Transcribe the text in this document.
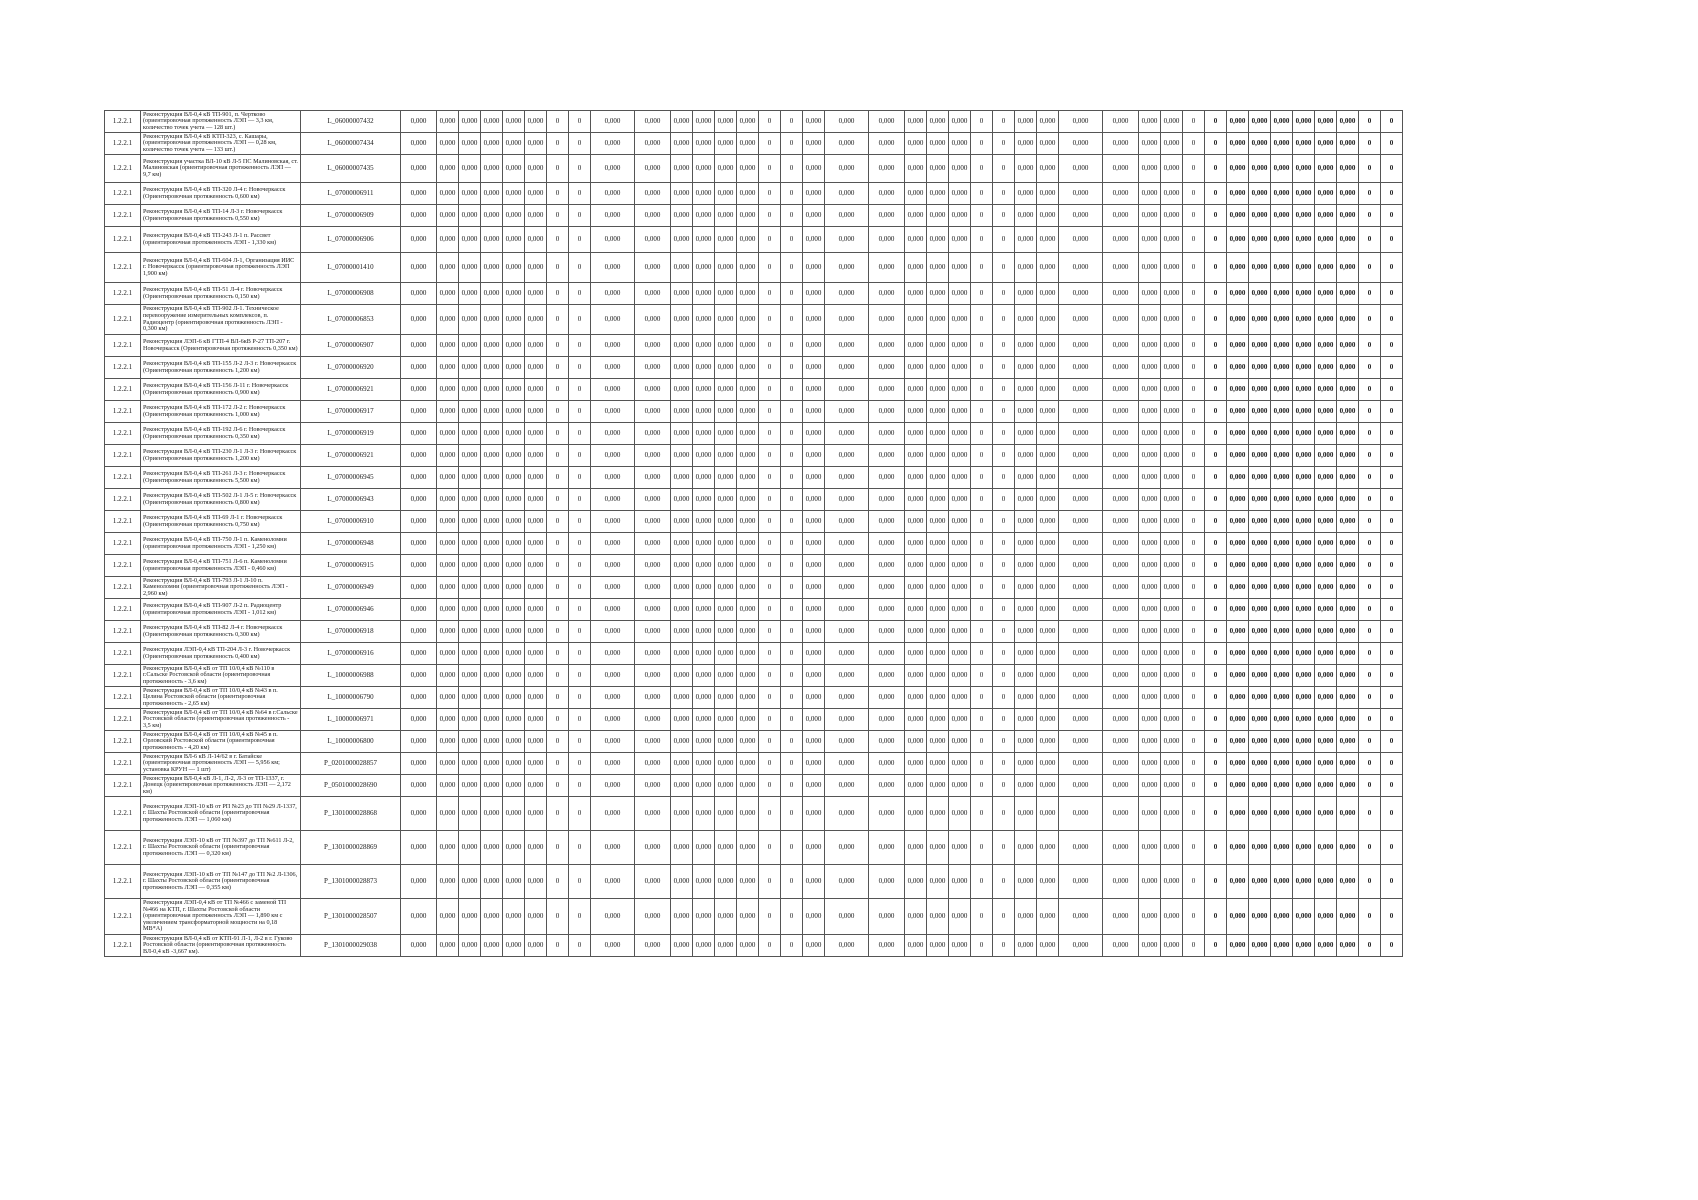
1.2.2.1	Реконструкция ВЛ-0,4 кВ ТП-901, п. Чертково (ориентировочная протяженность ЛЭП — 3,3 км, количество точек учета — 128 шт.)	L_06000007432	0,000	0,000	0,000	0,000	0,000	0,000	0	0	0,000	0,000	0,000	0,000	0,000	0,000	0	0	0,000	0,000	0,000	0,000	0,000	0,000	0	0	0,000	0,000	0,000	0,000	0,000	0,000	0	0	0,000	0,000	0,000	0,000	0,000	0,000	0	0
1.2.2.1	Реконструкция ВЛ-0,4 кВ КТП-323, с. Кашары, (ориентировочная протяженность ЛЭП — 0,28 км, количество точек учета — 133 шт.)	L_06000007434	0,000	0,000	0,000	0,000	0,000	0,000	0	0	0,000	0,000	0,000	0,000	0,000	0,000	0	0	0,000	0,000	0,000	0,000	0,000	0,000	0	0	0,000	0,000	0,000	0,000	0,000	0,000	0	0	0,000	0,000	0,000	0,000	0,000	0,000	0	0
1.2.2.1	Реконструкция участка ВЛ-10 кВ Л-5 ПС Малиновская, ст. Малиновская (ориентировочная протяженность ЛЭП — 9,7 км)	L_06000007435	0,000	0,000	0,000	0,000	0,000	0,000	0	0	0,000	0,000	0,000	0,000	0,000	0,000	0	0	0,000	0,000	0,000	0,000	0,000	0,000	0	0	0,000	0,000	0,000	0,000	0,000	0,000	0	0	0,000	0,000	0,000	0,000	0,000	0,000	0	0
1.2.2.1	Реконструкция ВЛ-0,4 кВ ТП-320 Л-4 г. Новочеркасск (Ориентировочная протяженность 0,600 км)	L_07000006911	0,000	0,000	0,000	0,000	0,000	0,000	0	0	0,000	0,000	0,000	0,000	0,000	0,000	0	0	0,000	0,000	0,000	0,000	0,000	0,000	0	0	0,000	0,000	0,000	0,000	0,000	0,000	0	0	0,000	0,000	0,000	0,000	0,000	0,000	0	0
1.2.2.1	Реконструкция ВЛ-0,4 кВ ТП-14 Л-3 г. Новочеркасск (Ориентировочная протяженность 0,550 км)	L_07000006909	0,000	0,000	0,000	0,000	0,000	0,000	0	0	0,000	0,000	0,000	0,000	0,000	0,000	0	0	0,000	0,000	0,000	0,000	0,000	0,000	0	0	0,000	0,000	0,000	0,000	0,000	0,000	0	0	0,000	0,000	0,000	0,000	0,000	0,000	0	0
1.2.2.1	Реконструкция ВЛ-0,4 кВ ТП-243 Л-1 п. Рассвет (ориентировочная протяженность ЛЭП - 1,330 км)	L_07000006906	0,000	0,000	0,000	0,000	0,000	0,000	0	0	0,000	0,000	0,000	0,000	0,000	0,000	0	0	0,000	0,000	0,000	0,000	0,000	0,000	0	0	0,000	0,000	0,000	0,000	0,000	0,000	0	0	0,000	0,000	0,000	0,000	0,000	0,000	0	0
1.2.2.1	Реконструкция ВЛ-0,4 кВ ТП-604 Л-1, Организация ИИС г. Новочеркасск (ориентировочная протяженность ЛЭП 1,900 км)	L_07000001410	0,000	0,000	0,000	0,000	0,000	0,000	0	0	0,000	0,000	0,000	0,000	0,000	0,000	0	0	0,000	0,000	0,000	0,000	0,000	0,000	0	0	0,000	0,000	0,000	0,000	0,000	0,000	0	0	0,000	0,000	0,000	0,000	0,000	0,000	0	0
1.2.2.1	Реконструкция ВЛ-0,4 кВ ТП-51 Л-4 г. Новочеркасск (Ориентировочная протяженность 0,150 км)	L_07000006908	0,000	0,000	0,000	0,000	0,000	0,000	0	0	0,000	0,000	0,000	0,000	0,000	0,000	0	0	0,000	0,000	0,000	0,000	0,000	0,000	0	0	0,000	0,000	0,000	0,000	0,000	0,000	0	0	0,000	0,000	0,000	0,000	0,000	0,000	0	0
1.2.2.1	Реконструкция ВЛ-0,4 кВ ТП-902 Л-1. Техническое перевооружение измерительных комплексов, п. Радиоцентр (ориентировочная протяженность ЛЭП - 0,300 км)	L_07000006853	0,000	0,000	0,000	0,000	0,000	0,000	0	0	0,000	0,000	0,000	0,000	0,000	0,000	0	0	0,000	0,000	0,000	0,000	0,000	0,000	0	0	0,000	0,000	0,000	0,000	0,000	0,000	0	0	0,000	0,000	0,000	0,000	0,000	0,000	0	0
1.2.2.1	Реконструкция ЛЭП-6 кВ ГТП-4 ВЛ-6кВ Р-27 ТП-207 г. Новочеркасск (Ориентировочная протяженность 0,350 км)	L_07000006907	0,000	0,000	0,000	0,000	0,000	0,000	0	0	0,000	0,000	0,000	0,000	0,000	0,000	0	0	0,000	0,000	0,000	0,000	0,000	0,000	0	0	0,000	0,000	0,000	0,000	0,000	0,000	0	0	0,000	0,000	0,000	0,000	0,000	0,000	0	0
1.2.2.1	Реконструкция ВЛ-0,4 кВ ТП-155 Л-2 Л-3 г. Новочеркасск (Ориентировочная протяженность 1,200 км)	L_07000006920	0,000	0,000	0,000	0,000	0,000	0,000	0	0	0,000	0,000	0,000	0,000	0,000	0,000	0	0	0,000	0,000	0,000	0,000	0,000	0,000	0	0	0,000	0,000	0,000	0,000	0,000	0,000	0	0	0,000	0,000	0,000	0,000	0,000	0,000	0	0
1.2.2.1	Реконструкция ВЛ-0,4 кВ ТП-156 Л-11 г. Новочеркасск (Ориентировочная протяженность 0,900 км)	L_07000006921	0,000	0,000	0,000	0,000	0,000	0,000	0	0	0,000	0,000	0,000	0,000	0,000	0,000	0	0	0,000	0,000	0,000	0,000	0,000	0,000	0	0	0,000	0,000	0,000	0,000	0,000	0,000	0	0	0,000	0,000	0,000	0,000	0,000	0,000	0	0
1.2.2.1	Реконструкция ВЛ-0,4 кВ ТП-172 Л-2 г. Новочеркасск (Ориентировочная протяженность 1,000 км)	L_07000006917	0,000	0,000	0,000	0,000	0,000	0,000	0	0	0,000	0,000	0,000	0,000	0,000	0,000	0	0	0,000	0,000	0,000	0,000	0,000	0,000	0	0	0,000	0,000	0,000	0,000	0,000	0,000	0	0	0,000	0,000	0,000	0,000	0,000	0,000	0	0
1.2.2.1	Реконструкция ВЛ-0,4 кВ ТП-192 Л-6 г. Новочеркасск (Ориентировочная протяженность 0,350 км)	L_07000006919	0,000	0,000	0,000	0,000	0,000	0,000	0	0	0,000	0,000	0,000	0,000	0,000	0,000	0	0	0,000	0,000	0,000	0,000	0,000	0,000	0	0	0,000	0,000	0,000	0,000	0,000	0,000	0	0	0,000	0,000	0,000	0,000	0,000	0,000	0	0
1.2.2.1	Реконструкция ВЛ-0,4 кВ ТП-230 Л-1 Л-3 г. Новочеркасск (Ориентировочная протяженность 1,200 км)	L_07000006921	0,000	0,000	0,000	0,000	0,000	0,000	0	0	0,000	0,000	0,000	0,000	0,000	0,000	0	0	0,000	0,000	0,000	0,000	0,000	0,000	0	0	0,000	0,000	0,000	0,000	0,000	0,000	0	0	0,000	0,000	0,000	0,000	0,000	0,000	0	0
1.2.2.1	Реконструкция ВЛ-0,4 кВ ТП-261 Л-3 г. Новочеркасск (Ориентировочная протяженность 5,500 км)	L_07000006945	0,000	0,000	0,000	0,000	0,000	0,000	0	0	0,000	0,000	0,000	0,000	0,000	0,000	0	0	0,000	0,000	0,000	0,000	0,000	0,000	0	0	0,000	0,000	0,000	0,000	0,000	0,000	0	0	0,000	0,000	0,000	0,000	0,000	0,000	0	0
1.2.2.1	Реконструкция ВЛ-0,4 кВ ТП-502 Л-1 Л-5 г. Новочеркасск (Ориентировочная протяженность 0,800 км)	L_07000006943	0,000	0,000	0,000	0,000	0,000	0,000	0	0	0,000	0,000	0,000	0,000	0,000	0,000	0	0	0,000	0,000	0,000	0,000	0,000	0,000	0	0	0,000	0,000	0,000	0,000	0,000	0,000	0	0	0,000	0,000	0,000	0,000	0,000	0,000	0	0
1.2.2.1	Реконструкция ВЛ-0,4 кВ ТП-69 Л-1 г. Новочеркасск (Ориентировочная протяженность 0,750 км)	L_07000006910	0,000	0,000	0,000	0,000	0,000	0,000	0	0	0,000	0,000	0,000	0,000	0,000	0,000	0	0	0,000	0,000	0,000	0,000	0,000	0,000	0	0	0,000	0,000	0,000	0,000	0,000	0,000	0	0	0,000	0,000	0,000	0,000	0,000	0,000	0	0
1.2.2.1	Реконструкция ВЛ-0,4 кВ ТП-750 Л-1 п. Каменоломни (ориентировочная протяженность ЛЭП - 1,250 км)	L_07000006948	0,000	0,000	0,000	0,000	0,000	0,000	0	0	0,000	0,000	0,000	0,000	0,000	0,000	0	0	0,000	0,000	0,000	0,000	0,000	0,000	0	0	0,000	0,000	0,000	0,000	0,000	0,000	0	0	0,000	0,000	0,000	0,000	0,000	0,000	0	0
1.2.2.1	Реконструкция ВЛ-0,4 кВ ТП-751 Л-6 п. Каменоломни (ориентировочная протяженность ЛЭП - 0,460 км)	L_07000006915	0,000	0,000	0,000	0,000	0,000	0,000	0	0	0,000	0,000	0,000	0,000	0,000	0,000	0	0	0,000	0,000	0,000	0,000	0,000	0,000	0	0	0,000	0,000	0,000	0,000	0,000	0,000	0	0	0,000	0,000	0,000	0,000	0,000	0,000	0	0
1.2.2.1	Реконструкция ВЛ-0,4 кВ ТП-793 Л-1 Л-10 п. Каменоломни (ориентировочная протяженность ЛЭП - 2,960 км)	L_07000006949	0,000	0,000	0,000	0,000	0,000	0,000	0	0	0,000	0,000	0,000	0,000	0,000	0,000	0	0	0,000	0,000	0,000	0,000	0,000	0,000	0	0	0,000	0,000	0,000	0,000	0,000	0,000	0	0	0,000	0,000	0,000	0,000	0,000	0,000	0	0
1.2.2.1	Реконструкция ВЛ-0,4 кВ ТП-907 Л-2 п. Радиоцентр (ориентировочная протяженность ЛЭП - 1,012 км)	L_07000006946	0,000	0,000	0,000	0,000	0,000	0,000	0	0	0,000	0,000	0,000	0,000	0,000	0,000	0	0	0,000	0,000	0,000	0,000	0,000	0,000	0	0	0,000	0,000	0,000	0,000	0,000	0,000	0	0	0,000	0,000	0,000	0,000	0,000	0,000	0	0
1.2.2.1	Реконструкция ВЛ-0,4 кВ ТП-82 Л-4 г. Новочеркасск (Ориентировочная протяженность 0,300 км)	L_07000006918	0,000	0,000	0,000	0,000	0,000	0,000	0	0	0,000	0,000	0,000	0,000	0,000	0,000	0	0	0,000	0,000	0,000	0,000	0,000	0,000	0	0	0,000	0,000	0,000	0,000	0,000	0,000	0	0	0,000	0,000	0,000	0,000	0,000	0,000	0	0
1.2.2.1	Реконструкция ЛЭП-0,4 кВ ТП-204 Л-3 г. Новочеркасск (Ориентировочная протяженность 0,400 км)	L_07000006916	0,000	0,000	0,000	0,000	0,000	0,000	0	0	0,000	0,000	0,000	0,000	0,000	0,000	0	0	0,000	0,000	0,000	0,000	0,000	0,000	0	0	0,000	0,000	0,000	0,000	0,000	0,000	0	0	0,000	0,000	0,000	0,000	0,000	0,000	0	0
1.2.2.1	Реконструкция ВЛ-0,4 кВ от ТП 10/0,4 кВ №110 в г.Сальске Ростовской области (ориентировочная протяженность - 3,6 км)	L_10000006988	0,000	0,000	0,000	0,000	0,000	0,000	0	0	0,000	0,000	0,000	0,000	0,000	0,000	0	0	0,000	0,000	0,000	0,000	0,000	0,000	0	0	0,000	0,000	0,000	0,000	0,000	0,000	0	0	0,000	0,000	0,000	0,000	0,000	0,000	0	0
1.2.2.1	Реконструкция ВЛ-0,4 кВ от ТП 10/0,4 кВ №43 в п. Целина Ростовской области (ориентировочная протяженность - 2,65 км)	L_10000006790	0,000	0,000	0,000	0,000	0,000	0,000	0	0	0,000	0,000	0,000	0,000	0,000	0,000	0	0	0,000	0,000	0,000	0,000	0,000	0,000	0	0	0,000	0,000	0,000	0,000	0,000	0,000	0	0	0,000	0,000	0,000	0,000	0,000	0,000	0	0
1.2.2.1	Реконструкция ВЛ-0,4 кВ от ТП 10/0,4 кВ №64 в г.Сальске Ростовской области (ориентировочная протяженность - 3,5 км)	L_10000006971	0,000	0,000	0,000	0,000	0,000	0,000	0	0	0,000	0,000	0,000	0,000	0,000	0,000	0	0	0,000	0,000	0,000	0,000	0,000	0,000	0	0	0,000	0,000	0,000	0,000	0,000	0,000	0	0	0,000	0,000	0,000	0,000	0,000	0,000	0	0
1.2.2.1	Реконструкция ВЛ-0,4 кВ от ТП 10/0,4 кВ №45 в п. Орловский Ростовской области (ориентировочная протяженность - 4,20 км)	L_10000006800	0,000	0,000	0,000	0,000	0,000	0,000	0	0	0,000	0,000	0,000	0,000	0,000	0,000	0	0	0,000	0,000	0,000	0,000	0,000	0,000	0	0	0,000	0,000	0,000	0,000	0,000	0,000	0	0	0,000	0,000	0,000	0,000	0,000	0,000	0	0
1.2.2.1	Реконструкция ВЛ-6 кВ Л-14/62 в г. Батайске (ориентировочная протяженность ЛЭП — 5,956 км; установка КРУН — 1 шт)	P_0201000028857	0,000	0,000	0,000	0,000	0,000	0,000	0	0	0,000	0,000	0,000	0,000	0,000	0,000	0	0	0,000	0,000	0,000	0,000	0,000	0,000	0	0	0,000	0,000	0,000	0,000	0,000	0,000	0	0	0,000	0,000	0,000	0,000	0,000	0,000	0	0
1.2.2.1	Реконструкция ВЛ-0,4 кВ Л-1, Л-2, Л-3 от ТП-1337, г. Донецк (ориентировочная протяженность ЛЭП — 2,172 км)	P_0501000028690	0,000	0,000	0,000	0,000	0,000	0,000	0	0	0,000	0,000	0,000	0,000	0,000	0,000	0	0	0,000	0,000	0,000	0,000	0,000	0,000	0	0	0,000	0,000	0,000	0,000	0,000	0,000	0	0	0,000	0,000	0,000	0,000	0,000	0,000	0	0
1.2.2.1	Реконструкция ЛЭП-10 кВ от РП №23 до ТП №29 Л-1337, г. Шахты Ростовской области (ориентировочная протяженность ЛЭП — 1,060 км)	P_1301000028868	0,000	0,000	0,000	0,000	0,000	0,000	0	0	0,000	0,000	0,000	0,000	0,000	0,000	0	0	0,000	0,000	0,000	0,000	0,000	0,000	0	0	0,000	0,000	0,000	0,000	0,000	0,000	0	0	0,000	0,000	0,000	0,000	0,000	0,000	0	0
1.2.2.1	Реконструкция ЛЭП-10 кВ от ТП №397 до ТП №611 Л-2, г. Шахты Ростовской области (ориентировочная протяженность ЛЭП — 0,320 км)	P_1301000028869	0,000	0,000	0,000	0,000	0,000	0,000	0	0	0,000	0,000	0,000	0,000	0,000	0,000	0	0	0,000	0,000	0,000	0,000	0,000	0,000	0	0	0,000	0,000	0,000	0,000	0,000	0,000	0	0	0,000	0,000	0,000	0,000	0,000	0,000	0	0
1.2.2.1	Реконструкция ЛЭП-10 кВ от ТП №147 до ТП №2 Л-1306, г. Шахты Ростовской области (ориентировочная протяженность ЛЭП — 0,355 км)	P_1301000028873	0,000	0,000	0,000	0,000	0,000	0,000	0	0	0,000	0,000	0,000	0,000	0,000	0,000	0	0	0,000	0,000	0,000	0,000	0,000	0,000	0	0	0,000	0,000	0,000	0,000	0,000	0,000	0	0	0,000	0,000	0,000	0,000	0,000	0,000	0	0
1.2.2.1	Реконструкция ЛЭП-0,4 кВ от ТП №466 с заменой ТП №466 на КТП, г. Шахты Ростовской области (ориентировочная протяженность ЛЭП — 1,890 км с увеличением трансформаторной мощности на 0,18 МВ*А)	P_1301000028507	0,000	0,000	0,000	0,000	0,000	0,000	0	0	0,000	0,000	0,000	0,000	0,000	0,000	0	0	0,000	0,000	0,000	0,000	0,000	0,000	0	0	0,000	0,000	0,000	0,000	0,000	0,000	0	0	0,000	0,000	0,000	0,000	0,000	0,000	0	0
1.2.2.1	Реконструкция ВЛ-0,4 кВ от КТП-91 Л-1, Л-2 в г. Гуково Ростовской области (ориентировочная протяженность ВЛ-0,4 кВ -3,667 км).	P_1301000029038	0,000	0,000	0,000	0,000	0,000	0,000	0	0	0,000	0,000	0,000	0,000	0,000	0,000	0	0	0,000	0,000	0,000	0,000	0,000	0,000	0	0	0,000	0,000	0,000	0,000	0,000	0,000	0	0	0,000	0,000	0,000	0,000	0,000	0,000	0	0
